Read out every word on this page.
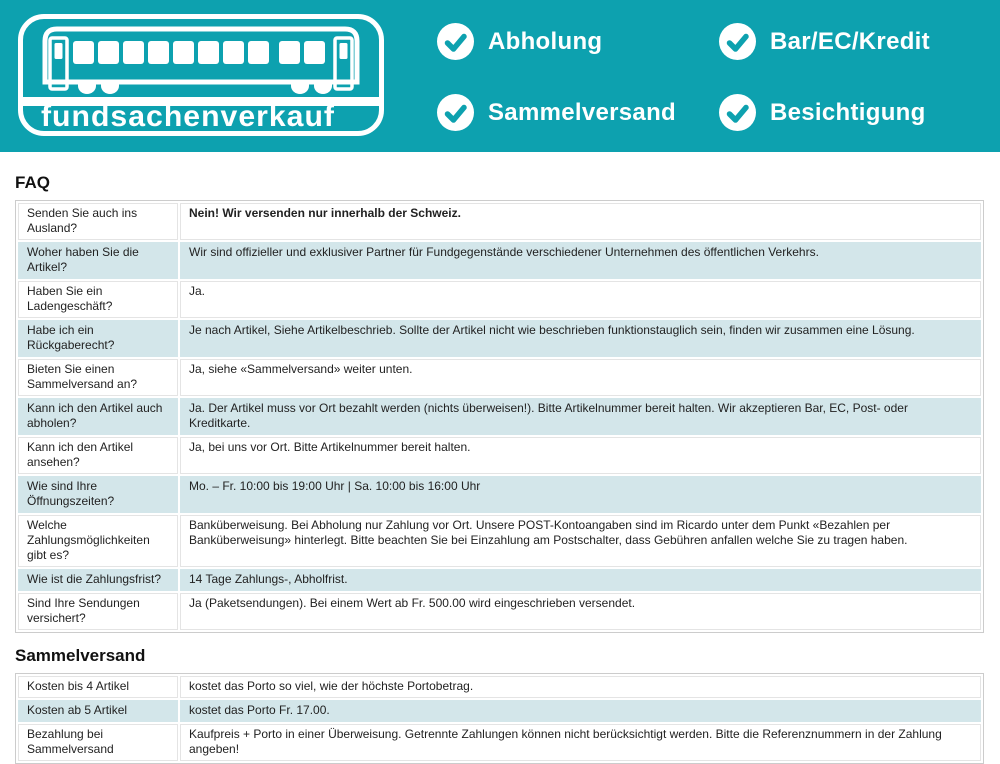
fundsachenverkauf
Abholung	Bar/EC/Kredit
Sammelversand	Besichtigung
FAQ
Senden Sie auch ins Ausland?	Nein! Wir versenden nur innerhalb der Schweiz.
Woher haben Sie die Artikel?	Wir sind offizieller und exklusiver Partner für Fundgegenstände verschiedener Unternehmen des öffentlichen Verkehrs.
Haben Sie ein Ladengeschäft?	Ja.
Habe ich ein Rückgaberecht?	Je nach Artikel, Siehe Artikelbeschrieb. Sollte der Artikel nicht wie beschrieben funktionstauglich sein, finden wir zusammen eine Lösung.
Bieten Sie einen Sammelversand an?	Ja, siehe «Sammelversand» weiter unten.
Kann ich den Artikel auch abholen?	Ja. Der Artikel muss vor Ort bezahlt werden (nichts überweisen!). Bitte Artikelnummer bereit halten. Wir akzeptieren Bar, EC, Post- oder Kreditkarte.
Kann ich den Artikel ansehen?	Ja, bei uns vor Ort. Bitte Artikelnummer bereit halten.
Wie sind Ihre Öffnungszeiten?	Mo. – Fr. 10:00 bis 19:00 Uhr | Sa. 10:00 bis 16:00 Uhr
Welche Zahlungsmöglichkeiten gibt es?	Banküberweisung. Bei Abholung nur Zahlung vor Ort. Unsere POST-Kontoangaben sind im Ricardo unter dem Punkt «Bezahlen per Banküberweisung» hinterlegt. Bitte beachten Sie bei Einzahlung am Postschalter, dass Gebühren anfallen welche Sie zu tragen haben.
Wie ist die Zahlungsfrist?	14 Tage Zahlungs-, Abholfrist.
Sind Ihre Sendungen versichert?	Ja (Paketsendungen). Bei einem Wert ab Fr. 500.00 wird eingeschrieben versendet.
Sammelversand
Kosten bis 4 Artikel	kostet das Porto so viel, wie der höchste Portobetrag.
Kosten ab 5 Artikel	kostet das Porto Fr. 17.00.
Bezahlung bei Sammelversand	Kaufpreis + Porto in einer Überweisung. Getrennte Zahlungen können nicht berücksichtigt werden. Bitte die Referenznummern in der Zahlung angeben!
